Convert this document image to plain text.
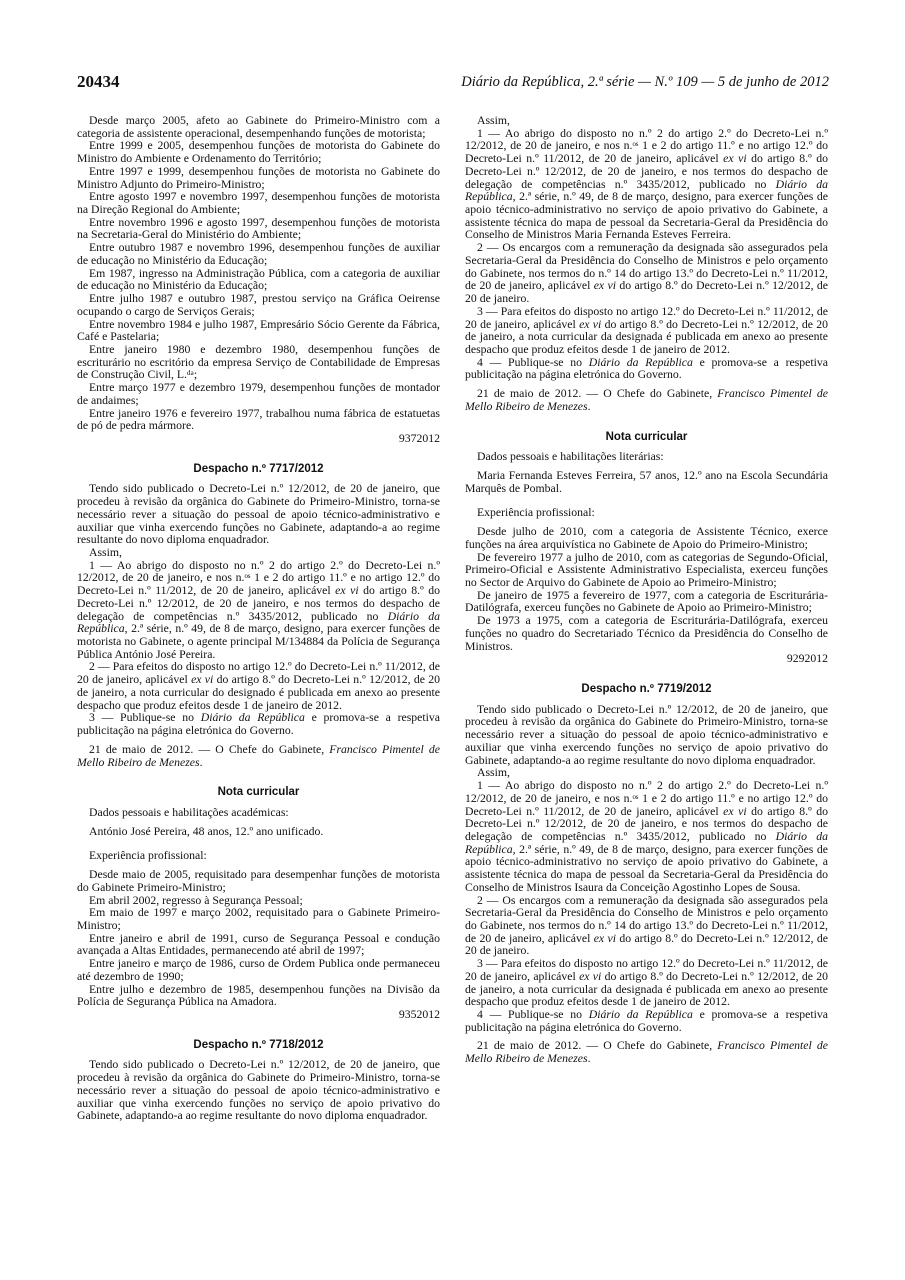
20434	Diário da República, 2.ª série — N.º 109 — 5 de junho de 2012
Desde março 2005, afeto ao Gabinete do Primeiro-Ministro com a categoria de assistente operacional, desempenhando funções de motorista;
Entre 1999 e 2005, desempenhou funções de motorista do Gabinete do Ministro do Ambiente e Ordenamento do Território;
Entre 1997 e 1999, desempenhou funções de motorista no Gabinete do Ministro Adjunto do Primeiro-Ministro;
Entre agosto 1997 e novembro 1997, desempenhou funções de motorista na Direção Regional do Ambiente;
Entre novembro 1996 e agosto 1997, desempenhou funções de motorista na Secretaria-Geral do Ministério do Ambiente;
Entre outubro 1987 e novembro 1996, desempenhou funções de auxiliar de educação no Ministério da Educação;
Em 1987, ingresso na Administração Pública, com a categoria de auxiliar de educação no Ministério da Educação;
Entre julho 1987 e outubro 1987, prestou serviço na Gráfica Oeirense ocupando o cargo de Serviços Gerais;
Entre novembro 1984 e julho 1987, Empresário Sócio Gerente da Fábrica, Café e Pastelaria;
Entre janeiro 1980 e dezembro 1980, desempenhou funções de escriturário no escritório da empresa Serviço de Contabilidade de Empresas de Construção Civil, L.ᵈᵃ;
Entre março 1977 e dezembro 1979, desempenhou funções de montador de andaimes;
Entre janeiro 1976 e fevereiro 1977, trabalhou numa fábrica de estatuetas de pó de pedra mármore.
9372012
Despacho n.º 7717/2012
Tendo sido publicado o Decreto-Lei n.º 12/2012, de 20 de janeiro, que procedeu à revisão da orgânica do Gabinete do Primeiro-Ministro, torna-se necessário rever a situação do pessoal de apoio técnico-administrativo e auxiliar que vinha exercendo funções no Gabinete, adaptando-a ao regime resultante do novo diploma enquadrador.
Assim,
1 — Ao abrigo do disposto no n.º 2 do artigo 2.º do Decreto-Lei n.º 12/2012, de 20 de janeiro, e nos n.ᵒˢ 1 e 2 do artigo 11.º e no artigo 12.º do Decreto-Lei n.º 11/2012, de 20 de janeiro, aplicável ex vi do artigo 8.º do Decreto-Lei n.º 12/2012, de 20 de janeiro, e nos termos do despacho de delegação de competências n.º 3435/2012, publicado no Diário da República, 2.ª série, n.º 49, de 8 de março, designo, para exercer funções de motorista no Gabinete, o agente principal M/134884 da Polícia de Segurança Pública António José Pereira.
2 — Para efeitos do disposto no artigo 12.º do Decreto-Lei n.º 11/2012, de 20 de janeiro, aplicável ex vi do artigo 8.º do Decreto-Lei n.º 12/2012, de 20 de janeiro, a nota curricular do designado é publicada em anexo ao presente despacho que produz efeitos desde 1 de janeiro de 2012.
3 — Publique-se no Diário da República e promova-se a respetiva publicitação na página eletrónica do Governo.
21 de maio de 2012. — O Chefe do Gabinete, Francisco Pimentel de Mello Ribeiro de Menezes.
Nota curricular
Dados pessoais e habilitações académicas:
António José Pereira, 48 anos, 12.º ano unificado.
Experiência profissional:
Desde maio de 2005, requisitado para desempenhar funções de motorista do Gabinete Primeiro-Ministro;
Em abril 2002, regresso à Segurança Pessoal;
Em maio de 1997 e março 2002, requisitado para o Gabinete Primeiro-Ministro;
Entre janeiro e abril de 1991, curso de Segurança Pessoal e condução avançada a Altas Entidades, permanecendo até abril de 1997;
Entre janeiro e março de 1986, curso de Ordem Publica onde permaneceu até dezembro de 1990;
Entre julho e dezembro de 1985, desempenhou funções na Divisão da Polícia de Segurança Pública na Amadora.
9352012
Despacho n.º 7718/2012
Tendo sido publicado o Decreto-Lei n.º 12/2012, de 20 de janeiro, que procedeu à revisão da orgânica do Gabinete do Primeiro-Ministro, torna-se necessário rever a situação do pessoal de apoio técnico-administrativo e auxiliar que vinha exercendo funções no serviço de apoio privativo do Gabinete, adaptando-a ao regime resultante do novo diploma enquadrador.
Assim,
1 — Ao abrigo do disposto no n.º 2 do artigo 2.º do Decreto-Lei n.º 12/2012, de 20 de janeiro, e nos n.ᵒˢ 1 e 2 do artigo 11.º e no artigo 12.º do Decreto-Lei n.º 11/2012, de 20 de janeiro, aplicável ex vi do artigo 8.º do Decreto-Lei n.º 12/2012, de 20 de janeiro, e nos termos do despacho de delegação de competências n.º 3435/2012, publicado no Diário da República, 2.ª série, n.º 49, de 8 de março, designo, para exercer funções de apoio técnico-administrativo no serviço de apoio privativo do Gabinete, a assistente técnica do mapa de pessoal da Secretaria-Geral da Presidência do Conselho de Ministros Maria Fernanda Esteves Ferreira.
2 — Os encargos com a remuneração da designada são assegurados pela Secretaria-Geral da Presidência do Conselho de Ministros e pelo orçamento do Gabinete, nos termos do n.º 14 do artigo 13.º do Decreto-Lei n.º 11/2012, de 20 de janeiro, aplicável ex vi do artigo 8.º do Decreto-Lei n.º 12/2012, de 20 de janeiro.
3 — Para efeitos do disposto no artigo 12.º do Decreto-Lei n.º 11/2012, de 20 de janeiro, aplicável ex vi do artigo 8.º do Decreto-Lei n.º 12/2012, de 20 de janeiro, a nota curricular da designada é publicada em anexo ao presente despacho que produz efeitos desde 1 de janeiro de 2012.
4 — Publique-se no Diário da República e promova-se a respetiva publicitação na página eletrónica do Governo.
21 de maio de 2012. — O Chefe do Gabinete, Francisco Pimentel de Mello Ribeiro de Menezes.
Nota curricular
Dados pessoais e habilitações literárias:
Maria Fernanda Esteves Ferreira, 57 anos, 12.º ano na Escola Secundária Marquês de Pombal.
Experiência profissional:
Desde julho de 2010, com a categoria de Assistente Técnico, exerce funções na área arquivística no Gabinete de Apoio do Primeiro-Ministro;
De fevereiro 1977 a julho de 2010, com as categorias de Segundo-Oficial, Primeiro-Oficial e Assistente Administrativo Especialista, exerceu funções no Sector de Arquivo do Gabinete de Apoio ao Primeiro-Ministro;
De janeiro de 1975 a fevereiro de 1977, com a categoria de Escriturária-Datilógrafa, exerceu funções no Gabinete de Apoio ao Primeiro-Ministro;
De 1973 a 1975, com a categoria de Escriturária-Datilógrafa, exerceu funções no quadro do Secretariado Técnico da Presidência do Conselho de Ministros.
9292012
Despacho n.º 7719/2012
Tendo sido publicado o Decreto-Lei n.º 12/2012, de 20 de janeiro, que procedeu à revisão da orgânica do Gabinete do Primeiro-Ministro, torna-se necessário rever a situação do pessoal de apoio técnico-administrativo e auxiliar que vinha exercendo funções no serviço de apoio privativo do Gabinete, adaptando-a ao regime resultante do novo diploma enquadrador.
Assim,
1 — Ao abrigo do disposto no n.º 2 do artigo 2.º do Decreto-Lei n.º 12/2012, de 20 de janeiro, e nos n.ᵒˢ 1 e 2 do artigo 11.º e no artigo 12.º do Decreto-Lei n.º 11/2012, de 20 de janeiro, aplicável ex vi do artigo 8.º do Decreto-Lei n.º 12/2012, de 20 de janeiro, e nos termos do despacho de delegação de competências n.º 3435/2012, publicado no Diário da República, 2.ª série, n.º 49, de 8 de março, designo, para exercer funções de apoio técnico-administrativo no serviço de apoio privativo do Gabinete, a assistente técnica do mapa de pessoal da Secretaria-Geral da Presidência do Conselho de Ministros Isaura da Conceição Agostinho Lopes de Sousa.
2 — Os encargos com a remuneração da designada são assegurados pela Secretaria-Geral da Presidência do Conselho de Ministros e pelo orçamento do Gabinete, nos termos do n.º 14 do artigo 13.º do Decreto-Lei n.º 11/2012, de 20 de janeiro, aplicável ex vi do artigo 8.º do Decreto-Lei n.º 12/2012, de 20 de janeiro.
3 — Para efeitos do disposto no artigo 12.º do Decreto-Lei n.º 11/2012, de 20 de janeiro, aplicável ex vi do artigo 8.º do Decreto-Lei n.º 12/2012, de 20 de janeiro, a nota curricular da designada é publicada em anexo ao presente despacho que produz efeitos desde 1 de janeiro de 2012.
4 — Publique-se no Diário da República e promova-se a respetiva publicitação na página eletrónica do Governo.
21 de maio de 2012. — O Chefe do Gabinete, Francisco Pimentel de Mello Ribeiro de Menezes.
